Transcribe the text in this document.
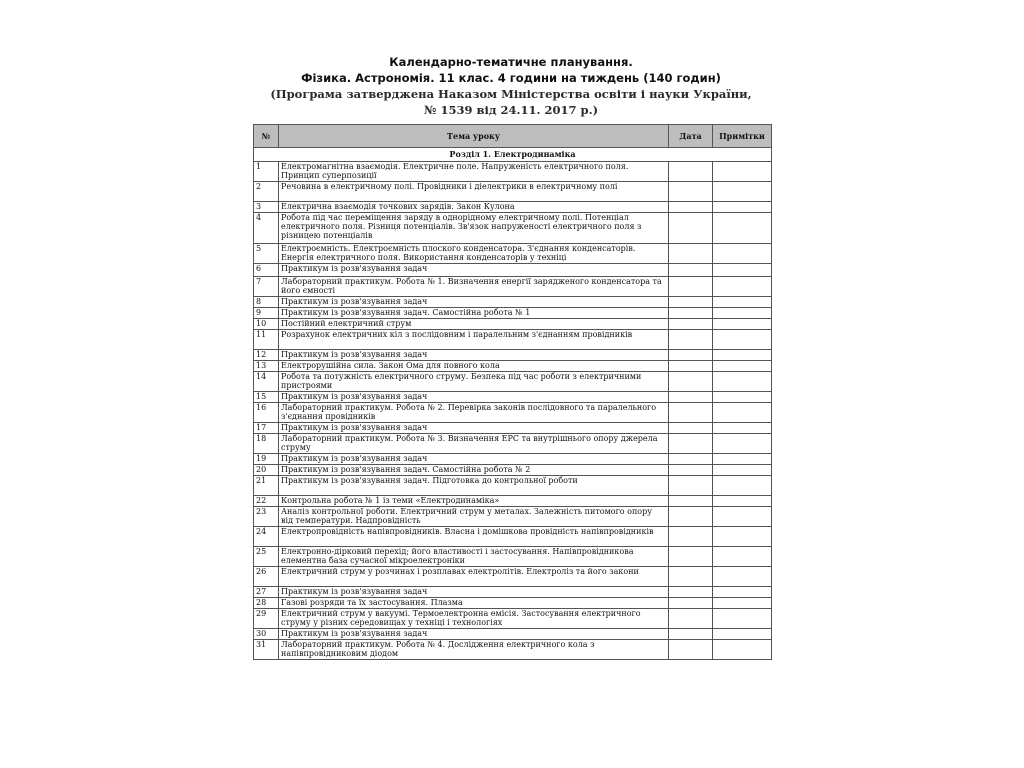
Календарно-тематичне планування.
Фізика. Астрономія. 11 клас. 4 години на тиждень (140 годин)
(Програма затверджена Наказом Міністерства освіти і науки України,
№ 1539 від 24.11. 2017 р.)
№	Тема уроку	Дата	Примітки
Розділ 1. Електродинаміка			
1	Електромагнітна взаємодія. Електричне поле. Напруженість електричного поля. Принцип суперпозиції		
2	Речовина в електричному полі. Провідники і діелектрики в електричному полі		
3	Електрична взаємодія точкових зарядів. Закон Кулона		
4	Робота під час переміщення заряду в однорідному електричному полі. Потенціал електричного поля. Різниця потенціалів. Зв'язок напруженості електричного поля з різницею потенціалів		
5	Електроємність. Електроємність плоского конденсатора. З'єднання конденсаторів. Енергія електричного поля. Використання конденсаторів у техніці		
6	Практикум із розв'язування задач		
7	Лабораторний практикум. Робота № 1. Визначення енергії зарядженого конденсатора та його ємності		
8	Практикум із розв'язування задач		
9	Практикум із розв'язування задач. Самостійна робота № 1		
10	Постійний електричний струм		
11	Розрахунок електричних кіл з послідовним і паралельним з'єднанням провідників		
12	Практикум із розв'язування задач		
13	Електрорушійна сила. Закон Ома для повного кола		
14	Робота та потужність електричного струму. Безпека під час роботи з електричними пристроями		
15	Практикум із розв'язування задач		
16	Лабораторний практикум. Робота № 2. Перевірка законів послідовного та паралельного з'єднання провідників		
17	Практикум із розв'язування задач		
18	Лабораторний практикум. Робота № 3. Визначення ЕРС та внутрішнього опору джерела струму		
19	Практикум із розв'язування задач		
20	Практикум із розв'язування задач. Самостійна робота № 2		
21	Практикум із розв'язування задач. Підготовка до контрольної роботи		
22	Контрольна робота № 1 із теми «Електродинаміка»		
23	Аналіз контрольної роботи. Електричний струм у металах. Залежність питомого опору від температури. Надпровідність		
24	Електропровідність напівпровідників. Власна і домішкова провідність напівпровідників		
25	Електронно-дірковий перехід; його властивості і застосування. Напівпровідникова елементна база сучасної мікроелектроніки		
26	Електричний струм у розчинах і розплавах електролітів. Електроліз та його закони		
27	Практикум із розв'язування задач		
28	Газові розряди та їх застосування. Плазма		
29	Електричний струм у вакуумі. Термоелектронна емісія. Застосування електричного струму у різних середовищах у техніці і технологіях		
30	Практикум із розв'язування задач		
31	Лабораторний практикум. Робота № 4. Дослідження електричного кола з напівпровідниковим діодом		
